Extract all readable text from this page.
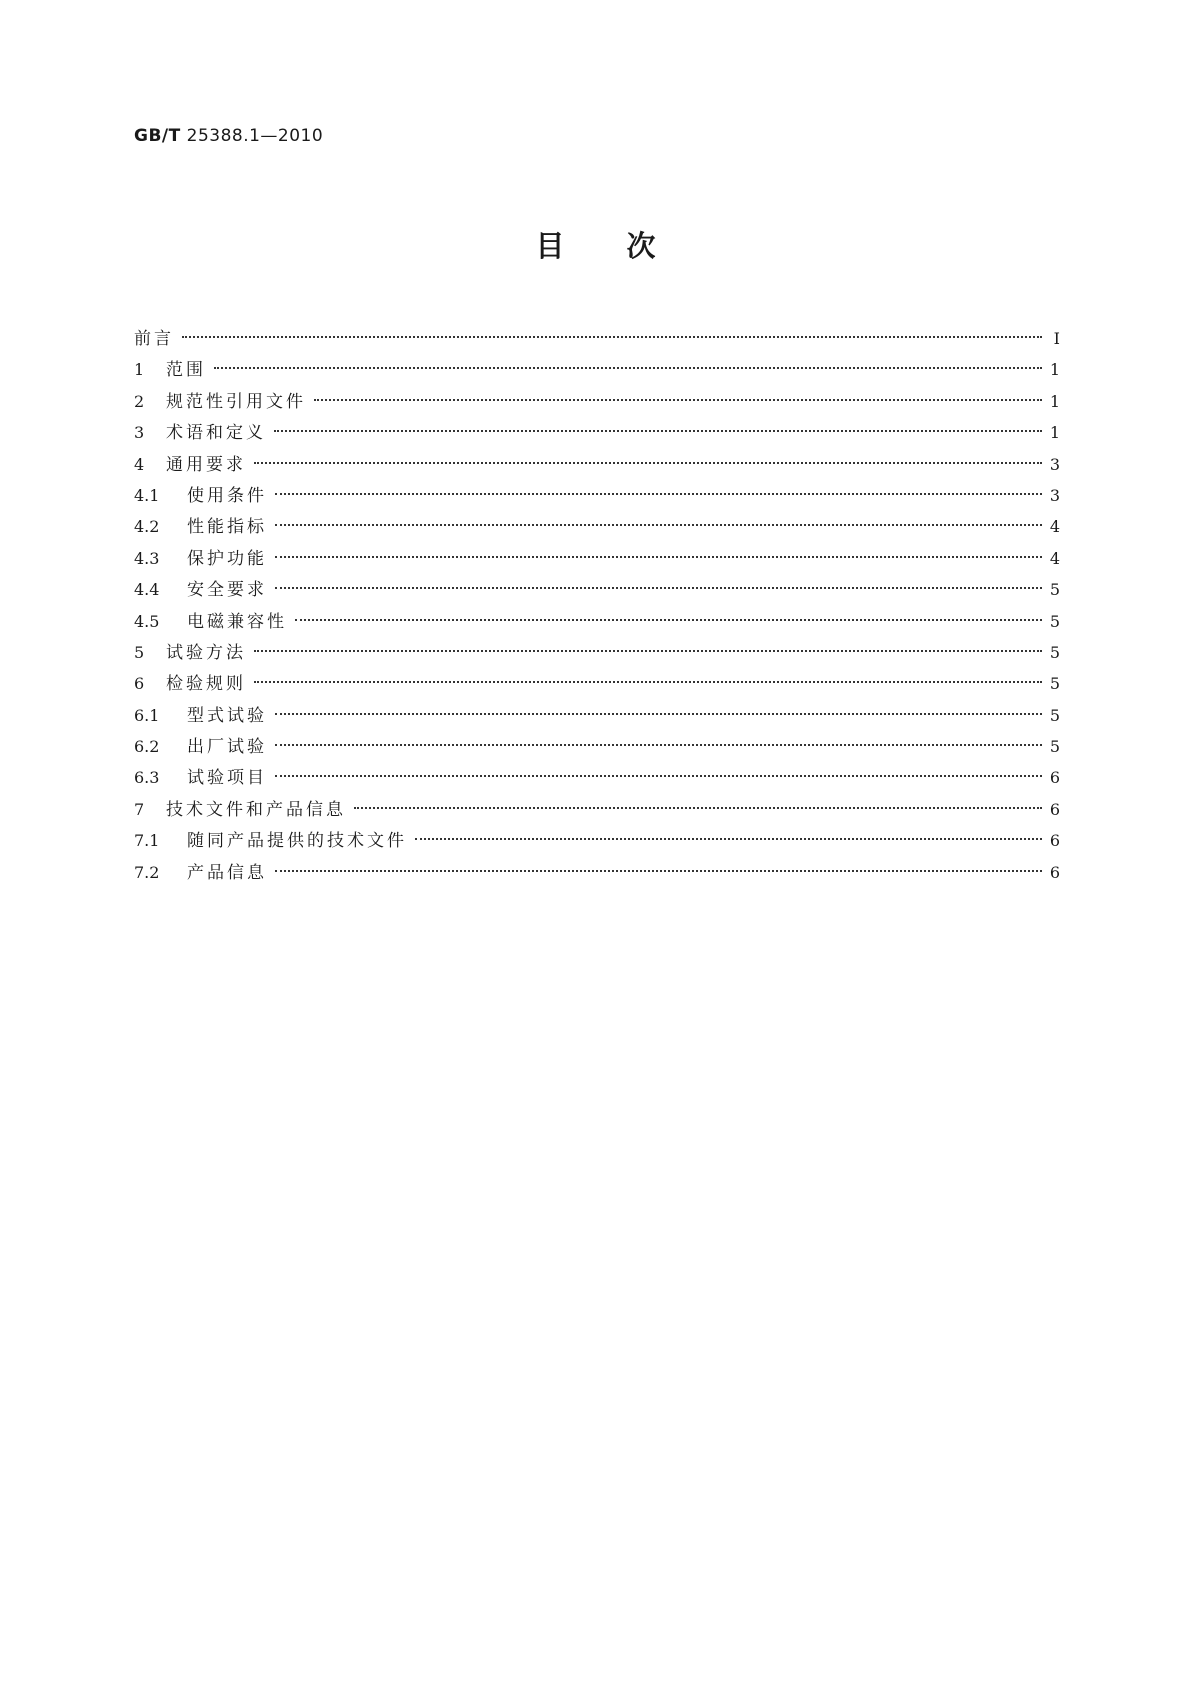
GB/T 25388.1—2010
目次
前言	Ⅰ
1	范围	1
2	规范性引用文件	1
3	术语和定义	1
4	通用要求	3
4.1	使用条件	3
4.2	性能指标	4
4.3	保护功能	4
4.4	安全要求	5
4.5	电磁兼容性	5
5	试验方法	5
6	检验规则	5
6.1	型式试验	5
6.2	出厂试验	5
6.3	试验项目	6
7	技术文件和产品信息	6
7.1	随同产品提供的技术文件	6
7.2	产品信息	6
